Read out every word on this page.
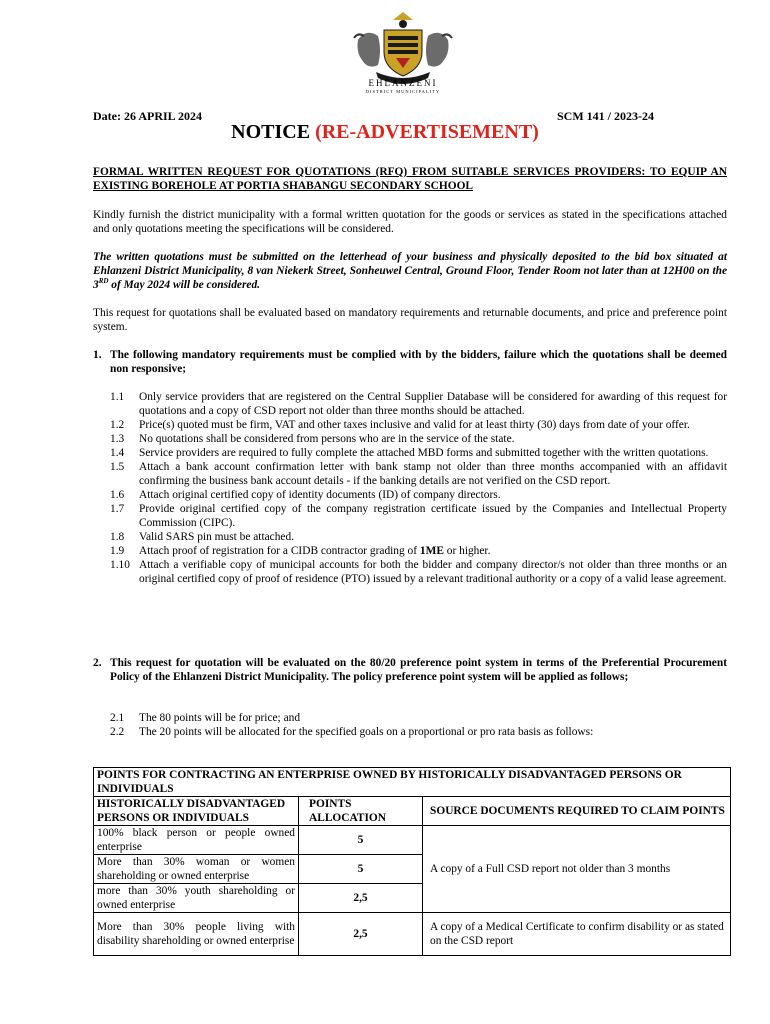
EHLANZENI
DISTRICT MUNICIPALITY
Date: 26 APRIL 2024	SCM 141 / 2023-24
NOTICE (RE-ADVERTISEMENT)
FORMAL WRITTEN REQUEST FOR QUOTATIONS (RFQ) FROM SUITABLE SERVICES PROVIDERS: TO EQUIP AN EXISTING BOREHOLE AT PORTIA SHABANGU SECONDARY SCHOOL
Kindly furnish the district municipality with a formal written quotation for the goods or services as stated in the specifications attached and only quotations meeting the specifications will be considered.
The written quotations must be submitted on the letterhead of your business and physically deposited to the bid box situated at Ehlanzeni District Municipality, 8 van Niekerk Street, Sonheuwel Central, Ground Floor, Tender Room not later than at 12H00 on the 3RD of May 2024 will be considered.
This request for quotations shall be evaluated based on mandatory requirements and returnable documents, and price and preference point system.
1. The following mandatory requirements must be complied with by the bidders, failure which the quotations shall be deemed non responsive;
1.1 Only service providers that are registered on the Central Supplier Database will be considered for awarding of this request for quotations and a copy of CSD report not older than three months should be attached.
1.2 Price(s) quoted must be firm, VAT and other taxes inclusive and valid for at least thirty (30) days from date of your offer.
1.3 No quotations shall be considered from persons who are in the service of the state.
1.4 Service providers are required to fully complete the attached MBD forms and submitted together with the written quotations.
1.5 Attach a bank account confirmation letter with bank stamp not older than three months accompanied with an affidavit confirming the business bank account details - if the banking details are not verified on the CSD report.
1.6 Attach original certified copy of identity documents (ID) of company directors.
1.7 Provide original certified copy of the company registration certificate issued by the Companies and Intellectual Property Commission (CIPC).
1.8 Valid SARS pin must be attached.
1.9 Attach proof of registration for a CIDB contractor grading of 1ME or higher.
1.10 Attach a verifiable copy of municipal accounts for both the bidder and company director/s not older than three months or an original certified copy of proof of residence (PTO) issued by a relevant traditional authority or a copy of a valid lease agreement.
2. This request for quotation will be evaluated on the 80/20 preference point system in terms of the Preferential Procurement Policy of the Ehlanzeni District Municipality. The policy preference point system will be applied as follows;
2.1 The 80 points will be for price; and
2.2 The 20 points will be allocated for the specified goals on a proportional or pro rata basis as follows:
POINTS FOR CONTRACTING AN ENTERPRISE OWNED BY HISTORICALLY DISADVANTAGED PERSONS OR INDIVIDUALS		
HISTORICALLY DISADVANTAGED PERSONS OR INDIVIDUALS	POINTS ALLOCATION	SOURCE DOCUMENTS REQUIRED TO CLAIM POINTS
100% black person or people owned enterprise	5	A copy of a Full CSD report not older than 3 months
More than 30% woman or women shareholding or owned enterprise	5	
more than 30% youth shareholding or owned enterprise	2,5	
More than 30% people living with disability shareholding or owned enterprise	2,5	A copy of a Medical Certificate to confirm disability or as stated on the CSD report
